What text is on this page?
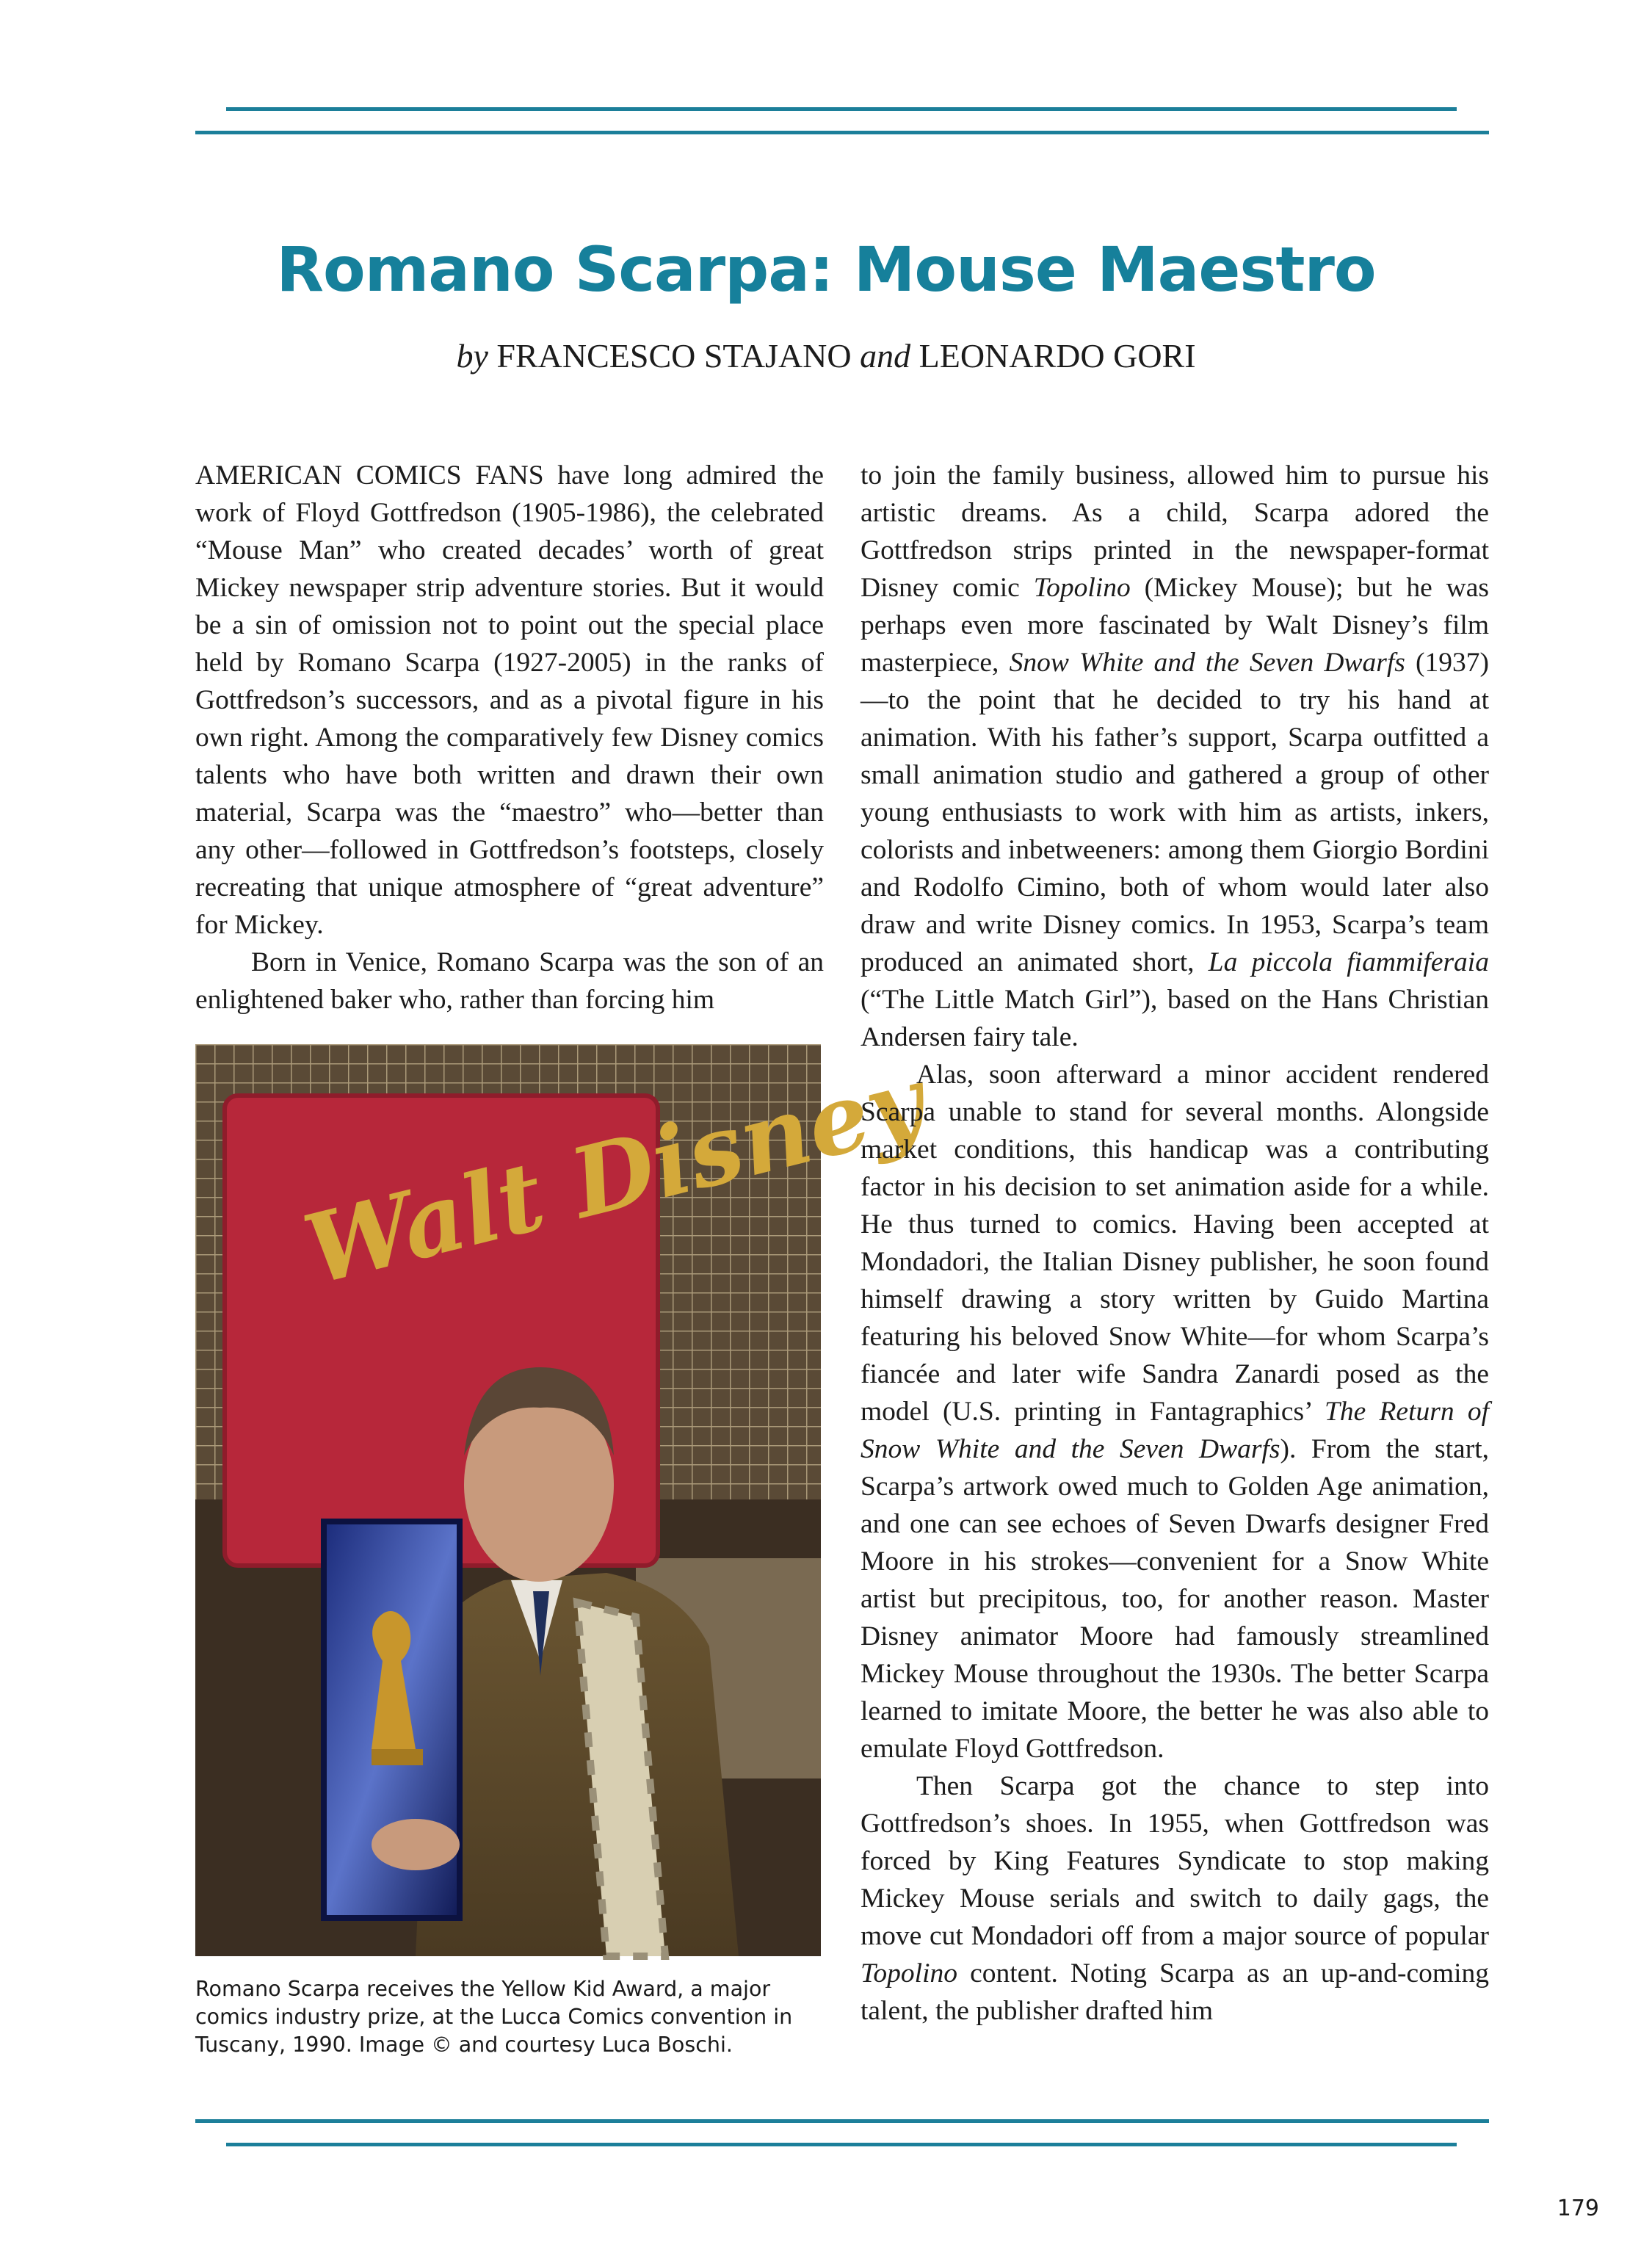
Romano Scarpa: Mouse Maestro
by FRANCESCO STAJANO and LEONARDO GORI

AMERICAN COMICS FANS have long admired the work of Floyd Gottfredson (1905-1986), the celebrated “Mouse Man” who created decades’ worth of great Mickey newspaper strip adventure stories. But it would be a sin of omission not to point out the special place held by Romano Scarpa (1927-2005) in the ranks of Gottfredson’s successors, and as a pivotal figure in his own right. Among the comparatively few Disney comics talents who have both written and drawn their own material, Scarpa was the “maestro” who—better than any other—followed in Gottfredson’s footsteps, closely recreating that unique atmosphere of “great adventure” for Mickey.

Born in Venice, Romano Scarpa was the son of an enlightened baker who, rather than forcing him

Walt Disney
Romano Scarpa receives the Yellow Kid Award, a major comics industry prize, at the Lucca Comics convention in Tuscany, 1990. Image © and courtesy Luca Boschi.

to join the family business, allowed him to pursue his artistic dreams. As a child, Scarpa adored the Gottfredson strips printed in the newspaper-format Disney comic Topolino (Mickey Mouse); but he was perhaps even more fascinated by Walt Disney’s film masterpiece, Snow White and the Seven Dwarfs (1937)—to the point that he decided to try his hand at animation. With his father’s support, Scarpa outfitted a small animation studio and gathered a group of other young enthusiasts to work with him as artists, inkers, colorists and inbetweeners: among them Giorgio Bordini and Rodolfo Cimino, both of whom would later also draw and write Disney comics. In 1953, Scarpa’s team produced an animated short, La piccola fiammiferaia (“The Little Match Girl”), based on the Hans Christian Andersen fairy tale.

Alas, soon afterward a minor accident rendered Scarpa unable to stand for several months. Alongside market conditions, this handicap was a contributing factor in his decision to set animation aside for a while. He thus turned to comics. Having been accepted at Mondadori, the Italian Disney publisher, he soon found himself drawing a story written by Guido Martina featuring his beloved Snow White—for whom Scarpa’s fiancée and later wife Sandra Zanardi posed as the model (U.S. printing in Fantagraphics’ The Return of Snow White and the Seven Dwarfs). From the start, Scarpa’s artwork owed much to Golden Age animation, and one can see echoes of Seven Dwarfs designer Fred Moore in his strokes—convenient for a Snow White artist but precipitous, too, for another reason. Master Disney animator Moore had famously streamlined Mickey Mouse throughout the 1930s. The better Scarpa learned to imitate Moore, the better he was also able to emulate Floyd Gottfredson.

Then Scarpa got the chance to step into Gottfredson’s shoes. In 1955, when Gottfredson was forced by King Features Syndicate to stop making Mickey Mouse serials and switch to daily gags, the move cut Mondadori off from a major source of popular Topolino content. Noting Scarpa as an up-and-coming talent, the publisher drafted him

179
